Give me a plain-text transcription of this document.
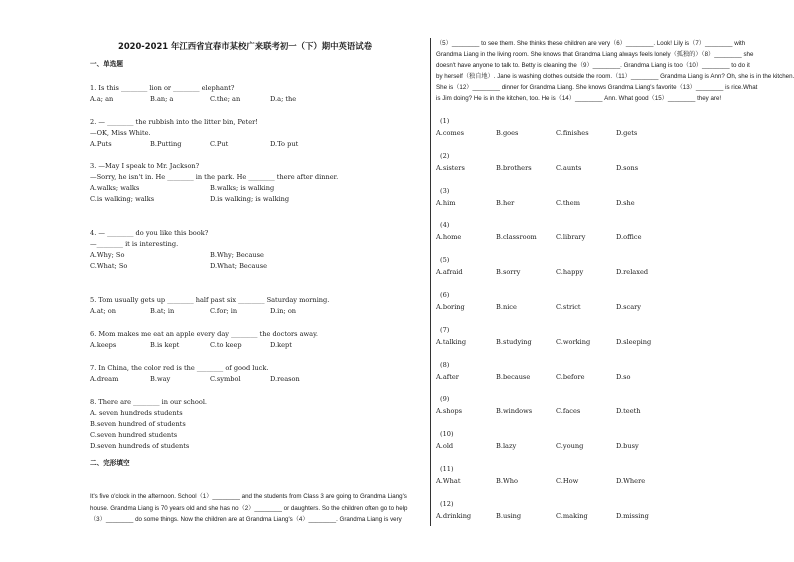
2020-2021 年江西省宜春市某校广来联考初一（下）期中英语试卷
一、单选题
二、完形填空
1. Is this ________ lion or ________ elephant?
A.a; an	B.an; a	C.the; an	D.a; the
2. — ________ the rubbish into the litter bin, Peter!
—OK, Miss White.
A.Puts	B.Putting	C.Put	D.To put
3. —May I speak to Mr. Jackson?
—Sorry, he isn't in. He ________ in the park. He ________ there after dinner.
A.walks; walks	B.walks; is walking
C.is walking; walks	D.is walking; is walking
4. — ________ do you like this book?
—________ it is interesting.
A.Why; So	B.Why; Because
C.What; So	D.What; Because
5. Tom usually gets up ________ half past six ________ Saturday morning.
A.at; on	B.at; in	C.for; in	D.in; on
6. Mom makes me eat an apple every day ________ the doctors away.
A.keeps	B.is kept	C.to keep	D.kept
7. In China, the color red is the ________ of good luck.
A.dream	B.way	C.symbol	D.reason
8. There are ________ in our school.
A. seven hundreds students
B.seven hundred of students
C.seven hundred students
D.seven hundreds of students
It's five o'clock in the afternoon. School（1）________ and the students from Class 3 are going to Grandma Liang's
house. Grandma Liang is 70 years old and she has no（2）________ or daughters. So the children often go to help
（3）________ do some things. Now the children are at Grandma Liang's（4）________. Grandma Liang is very
（5）________ to see them. She thinks these children are very（6）________. Look! Lily is（7）________ with
Grandma Liang in the living room. She knows that Grandma Liang always feels lonely（孤独的）（8）________ she
doesn't have anyone to talk to. Betty is cleaning the（9）________. Grandma Liang is too（10）________ to do it
by herself（独自地）. Jane is washing clothes outside the room.（11）________ Grandma Liang is Ann? Oh, she is in the kitchen.
She is（12）________ dinner for Grandma Liang. She knows Grandma Liang's favorite（13）________ is rice.What
is Jim doing? He is in the kitchen, too. He is（14）________ Ann. What good（15）________ they are!
(1)
A.comes	B.goes	C.finishes	D.gets
(2)
A.sisters	B.brothers	C.aunts	D.sons
(3)
A.him	B.her	C.them	D.she
(4)
A.home	B.classroom	C.library	D.office
(5)
A.afraid	B.sorry	C.happy	D.relaxed
(6)
A.boring	B.nice	C.strict	D.scary
(7)
A.talking	B.studying	C.working	D.sleeping
(8)
A.after	B.because	C.before	D.so
(9)
A.shops	B.windows	C.faces	D.teeth
(10)
A.old	B.lazy	C.young	D.busy
(11)
A.What	B.Who	C.How	D.Where
(12)
A.drinking	B.using	C.making	D.missing
